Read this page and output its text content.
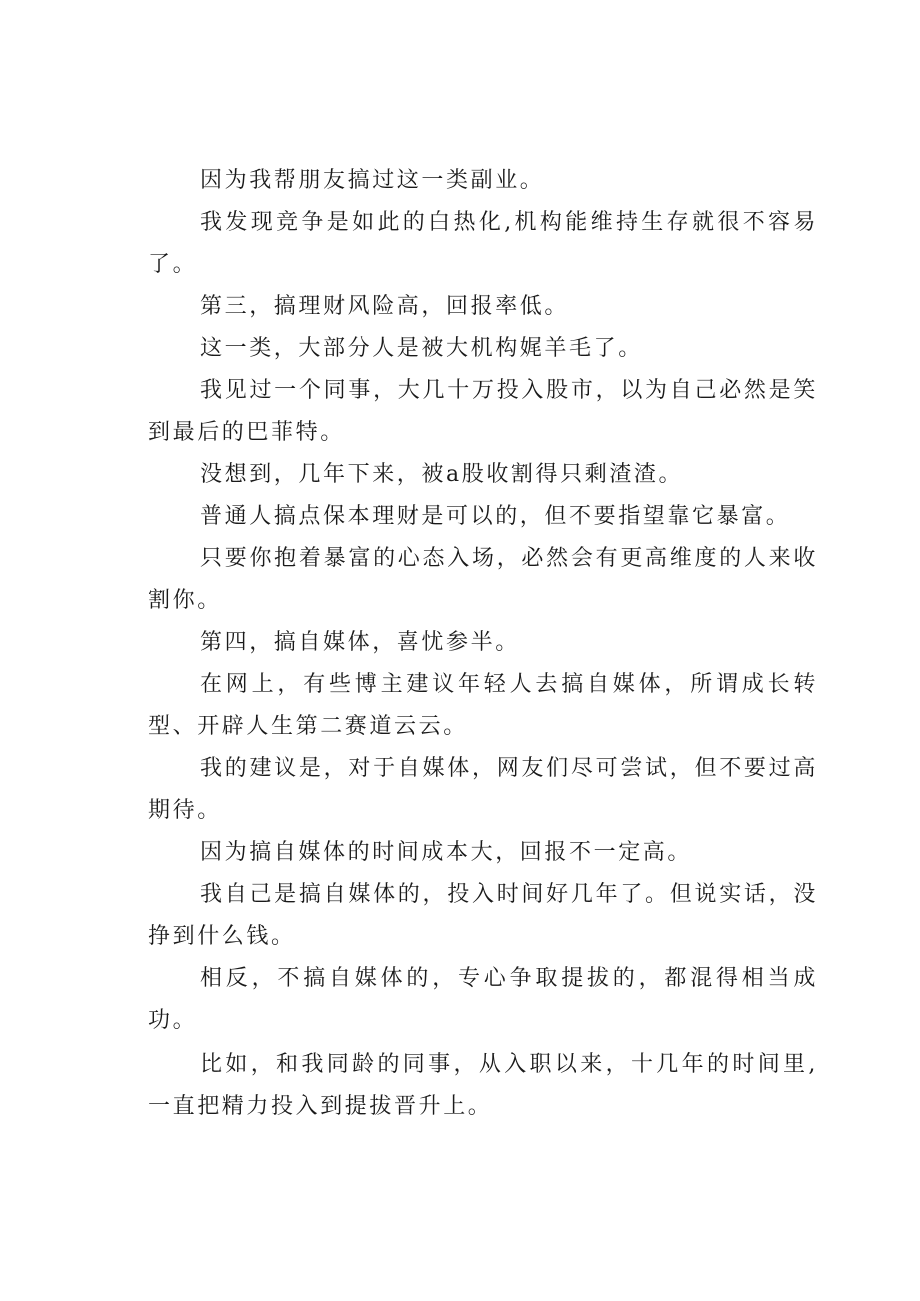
因为我帮朋友搞过这一类副业。

我发现竞争是如此的白热化,机构能维持生存就很不容易了。

第三，搞理财风险高，回报率低。

这一类，大部分人是被大机构娓羊毛了。

我见过一个同事，大几十万投入股市，以为自己必然是笑到最后的巴菲特。

没想到，几年下来，被a股收割得只剩渣渣。

普通人搞点保本理财是可以的，但不要指望靠它暴富。

只要你抱着暴富的心态入场，必然会有更高维度的人来收割你。

第四，搞自媒体，喜忧参半。

在网上，有些博主建议年轻人去搞自媒体，所谓成长转型、开辟人生第二赛道云云。

我的建议是，对于自媒体，网友们尽可尝试，但不要过高期待。

因为搞自媒体的时间成本大，回报不一定高。

我自己是搞自媒体的，投入时间好几年了。但说实话，没挣到什么钱。

相反，不搞自媒体的，专心争取提拔的，都混得相当成功。

比如，和我同龄的同事，从入职以来，十几年的时间里,一直把精力投入到提拔晋升上。
